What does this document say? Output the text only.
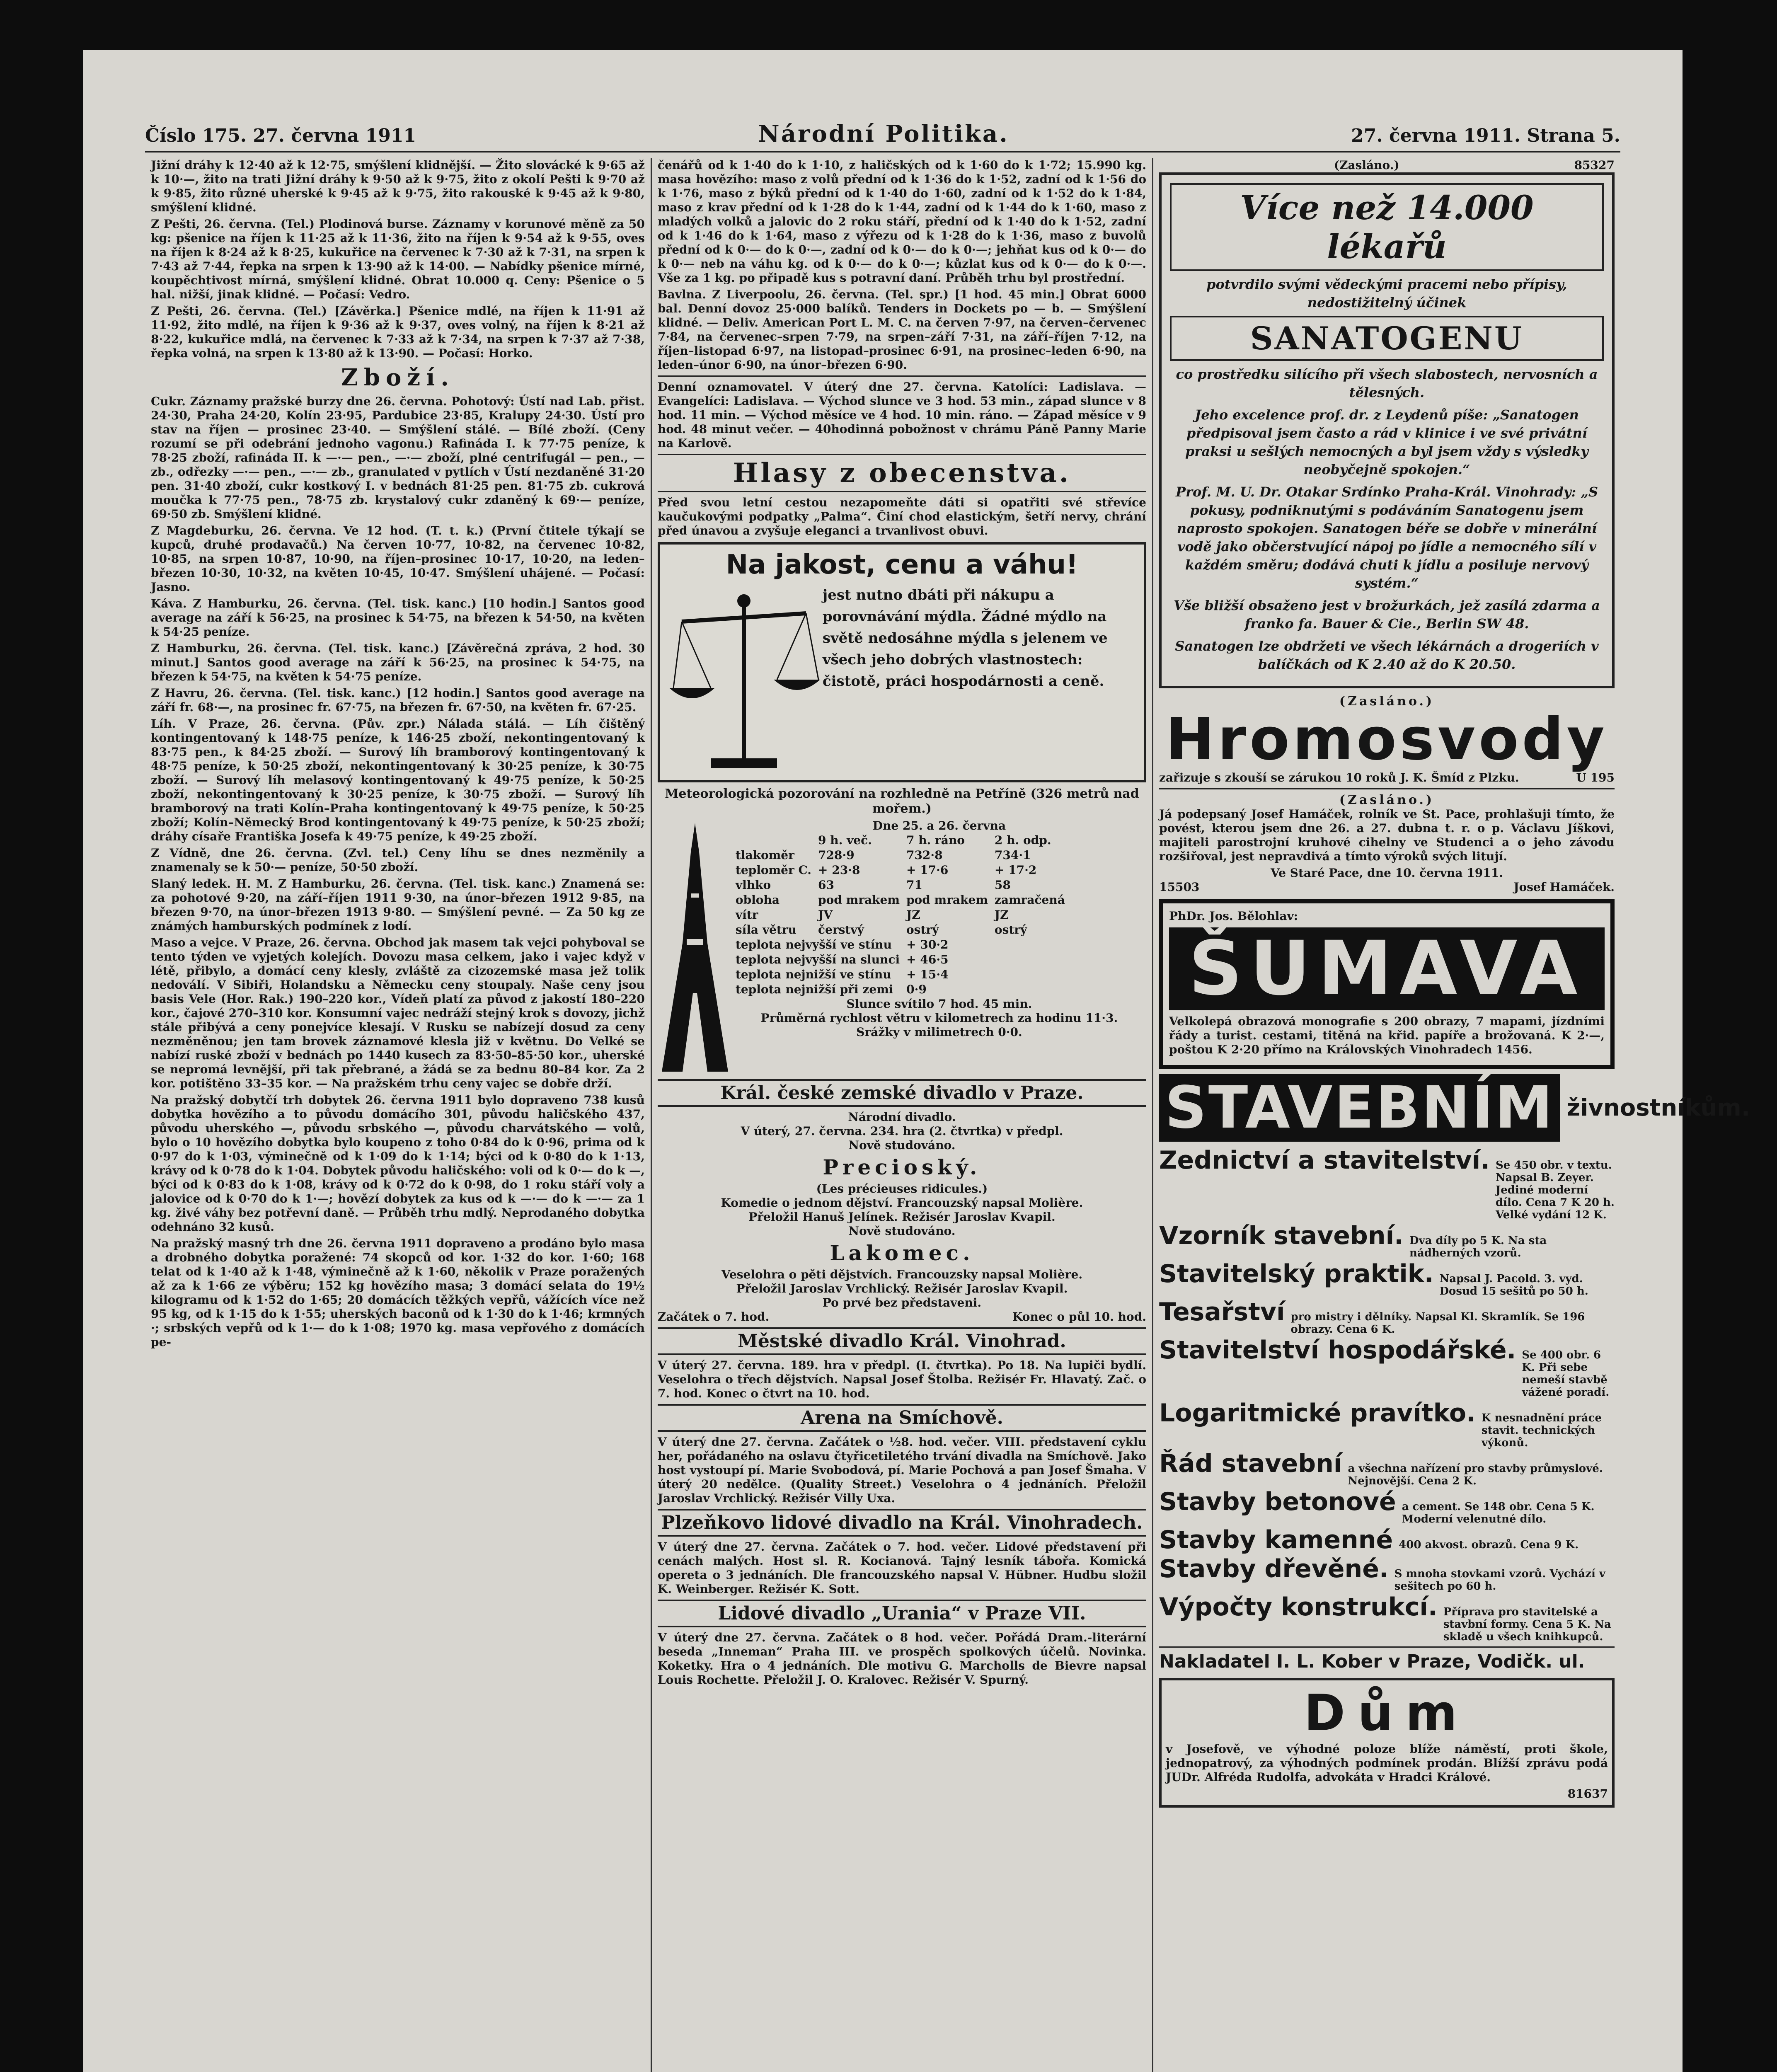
Číslo 175. 27. června 1911	Národní Politika.	27. června 1911. Strana 5.

Jižní dráhy k 12·40 až k 12·75, smýšlení klidnější. — Žito slovácké k 9·65 až k 10·—, žito na trati Jižní dráhy k 9·50 až k 9·75, žito z okolí Pešti k 9·70 až k 9·85, žito různé uherské k 9·45 až k 9·75, žito rakouské k 9·45 až k 9·80, smýšlení klidné.

Z Pešti, 26. června. (Tel.) Plodinová burse. Záznamy v korunové měně za 50 kg: pšenice na říjen k 11·25 až k 11·36, žito na říjen k 9·54 až k 9·55, oves na říjen k 8·24 až k 8·25, kukuřice na červenec k 7·30 až k 7·31, na srpen k 7·43 až 7·44, řepka na srpen k 13·90 až k 14·00. — Nabídky pšenice mírné, koupěchtivost mírná, smýšlení klidné. Obrat 10.000 q. Ceny: Pšenice o 5 hal. nižší, jinak klidné. — Počasí: Vedro.

Z Pešti, 26. června. (Tel.) [Závěrka.] Pšenice mdlé, na říjen k 11·91 až 11·92, žito mdlé, na říjen k 9·36 až k 9·37, oves volný, na říjen k 8·21 až 8·22, kukuřice mdlá, na červenec k 7·33 až k 7·34, na srpen k 7·37 až 7·38, řepka volná, na srpen k 13·80 až k 13·90. — Počasí: Horko.

Zboží.

Cukr. Záznamy pražské burzy dne 26. června. Pohotový: Ústí nad Lab. přist. 24·30, Praha 24·20, Kolín 23·95, Pardubice 23·85, Kralupy 24·30. Ústí pro stav na říjen — prosinec 23·40. — Smýšlení stálé. — Bílé zboží. (Ceny rozumí se při odebrání jednoho vagonu.) Rafináda I. k 77·75 peníze, k 78·25 zboží, rafináda II. k —·— pen., —·— zboží, plné centrifugál — pen., — zb., odřezky —·— pen., —·— zb., granulated v pytlích v Ústí nezdaněné 31·20 pen. 31·40 zboží, cukr kostkový I. v bednách 81·25 pen. 81·75 zb. cukrová moučka k 77·75 pen., 78·75 zb. krystalový cukr zdaněný k 69·— peníze, 69·50 zb. Smýšlení klidné.

Z Magdeburku, 26. června. Ve 12 hod. (T. t. k.) (První čtitele týkají se kupců, druhé prodavačů.) Na červen 10·77, 10·82, na červenec 10·82, 10·85, na srpen 10·87, 10·90, na říjen–prosinec 10·17, 10·20, na leden–březen 10·30, 10·32, na květen 10·45, 10·47. Smýšlení uhájené. — Počasí: Jasno.

Káva. Z Hamburku, 26. června. (Tel. tisk. kanc.) [10 hodin.] Santos good average na září k 56·25, na prosinec k 54·75, na březen k 54·50, na květen k 54·25 peníze.

Z Hamburku, 26. června. (Tel. tisk. kanc.) [Závěrečná zpráva, 2 hod. 30 minut.] Santos good average na září k 56·25, na prosinec k 54·75, na březen k 54·75, na květen k 54·75 peníze.

Z Havru, 26. června. (Tel. tisk. kanc.) [12 hodin.] Santos good average na září fr. 68·—, na prosinec fr. 67·75, na březen fr. 67·50, na květen fr. 67·25.

Líh. V Praze, 26. června. (Pův. zpr.) Nálada stálá. — Líh čištěný kontingentovaný k 148·75 peníze, k 146·25 zboží, nekontingentovaný k 83·75 pen., k 84·25 zboží. — Surový líh bramborový kontingentovaný k 48·75 peníze, k 50·25 zboží, nekontingentovaný k 30·25 peníze, k 30·75 zboží. — Surový líh melasový kontingentovaný k 49·75 peníze, k 50·25 zboží, nekontingentovaný k 30·25 peníze, k 30·75 zboží. — Surový líh bramborový na trati Kolín–Praha kontingentovaný k 49·75 peníze, k 50·25 zboží; Kolín–Německý Brod kontingentovaný k 49·75 peníze, k 50·25 zboží; dráhy císaře Františka Josefa k 49·75 peníze, k 49·25 zboží.

Z Vídně, dne 26. června. (Zvl. tel.) Ceny líhu se dnes nezměnily a znamenaly se k 50·— peníze, 50·50 zboží.

Slaný ledek. H. M. Z Hamburku, 26. června. (Tel. tisk. kanc.) Znamená se: za pohotové 9·20, na září–říjen 1911 9·30, na únor–březen 1912 9·85, na březen 9·70, na únor–březen 1913 9·80. — Smýšlení pevné. — Za 50 kg ze známých hamburských podmínek z lodí.

Maso a vejce. V Praze, 26. června. Obchod jak masem tak vejci pohyboval se tento týden ve vyjetých kolejích. Dovozu masa celkem, jako i vajec když v létě, přibylo, a domácí ceny klesly, zvláště za cizozemské masa jež tolik nedoválí. V Sibiři, Holandsku a Německu ceny stoupaly. Naše ceny jsou basis Vele (Hor. Rak.) 190–220 kor., Vídeň platí za původ z jakostí 180–220 kor., čajové 270–310 kor. Konsumní vajec nedráží stejný krok s dovozy, jichž stále přibývá a ceny ponejvíce klesají. V Rusku se nabízejí dosud za ceny nezměněnou; jen tam brovek záznamové klesla již v květnu. Do Velké se nabízí ruské zboží v bednách po 1440 kusech za 83·50–85·50 kor., uherské se nepromá levnější, při tak přebrané, a žádá se za bednu 80–84 kor. Za 2 kor. potištěno 33–35 kor. — Na pražském trhu ceny vajec se dobře drží.

Na pražský dobytčí trh dobytek 26. června 1911 bylo dopraveno 738 kusů dobytka hovězího a to původu domácího 301, původu haličského 437, původu uherského —, původu srbského —, původu charvátského — volů, bylo o 10 hovězího dobytka bylo koupeno z toho 0·84 do k 0·96, prima od k 0·97 do k 1·03, výminečně od k 1·09 do k 1·14; býci od k 0·80 do k 1·13, krávy od k 0·78 do k 1·04. Dobytek původu haličského: voli od k 0·— do k —, býci od k 0·83 do k 1·08, krávy od k 0·72 do k 0·98, do 1 roku stáří voly a jalovice od k 0·70 do k 1·—; hovězí dobytek za kus od k —·— do k —·— za 1 kg. živé váhy bez potřevní daně. — Průběh trhu mdlý. Neprodaného dobytka odehnáno 32 kusů.

Na pražský masný trh dne 26. června 1911 dopraveno a prodáno bylo masa a drobného dobytka poražené: 74 skopců od kor. 1·32 do kor. 1·60; 168 telat od k 1·40 až k 1·48, výminečně až k 1·60, několik v Praze poražených až za k 1·66 ze výběru; 152 kg hovězího masa; 3 domácí selata do 19½ kilogramu od k 1·52 do 1·65; 20 domácích těžkých vepřů, vážících více než 95 kg, od k 1·15 do k 1·55; uherských baconů od k 1·30 do k 1·46; krmných ·; srbských vepřů od k 1·— do k 1·08; 1970 kg. masa vepřového z domácích pe-

čenářů od k 1·40 do k 1·10, z haličských od k 1·60 do k 1·72; 15.990 kg. masa hovězího: maso z volů přední od k 1·36 do k 1·52, zadní od k 1·56 do k 1·76, maso z býků přední od k 1·40 do 1·60, zadní od k 1·52 do k 1·84, maso z krav přední od k 1·28 do k 1·44, zadní od k 1·44 do k 1·60, maso z mladých volků a jalovic do 2 roku stáří, přední od k 1·40 do k 1·52, zadní od k 1·46 do k 1·64, maso z výřezu od k 1·28 do k 1·36, maso z buvolů přední od k 0·— do k 0·—, zadní od k 0·— do k 0·—; jehňat kus od k 0·— do k 0·— neb na váhu kg. od k 0·— do k 0·—; kůzlat kus od k 0·— do k 0·—. Vše za 1 kg. po připadě kus s potravní daní. Průběh trhu byl prostřední.

Bavlna. Z Liverpoolu, 26. června. (Tel. spr.) [1 hod. 45 min.] Obrat 6000 bal. Denní dovoz 25·000 balíků. Tenders in Dockets po — b. — Smýšlení klidné. — Deliv. American Port L. M. C. na červen 7·97, na červen–červenec 7·84, na červenec–srpen 7·79, na srpen–září 7·31, na září–říjen 7·12, na říjen–listopad 6·97, na listopad–prosinec 6·91, na prosinec–leden 6·90, na leden–únor 6·90, na únor–březen 6·90.

Denní oznamovatel. V úterý dne 27. června. Katolíci: Ladislava. — Evangelíci: Ladislava. — Východ slunce ve 3 hod. 53 min., západ slunce v 8 hod. 11 min. — Východ měsíce ve 4 hod. 10 min. ráno. — Západ měsíce v 9 hod. 48 minut večer. — 40hodinná pobožnost v chrámu Páně Panny Marie na Karlově.

Hlasy z obecenstva.

Před svou letní cestou nezapomeňte dáti si opatřiti své střevíce kaučukovými podpatky „Palma“. Činí chod elastickým, šetří nervy, chrání před únavou a zvyšuje eleganci a trvanlivost obuvi.

Na jakost, cenu a váhu!
jest nutno dbáti při nákupu a porovnávání mýdla. Žádné mýdlo na světě nedosáhne mýdla s jelenem ve všech jeho dobrých vlastnostech: čistotě, práci hospodárnosti a ceně.
Meteorologická pozorování na rozhledně na Petříně (326 metrů nad mořem.)
Dne 25. a 26. června
	9 h. več.	7 h. ráno	2 h. odp.
tlakoměr	728·9	732·8	734·1
teploměr C.	+ 23·8	+ 17·6	+ 17·2
vlhko	63	71	58
obloha	pod mrakem	pod mrakem	zamračená
vítr	JV	JZ	JZ
síla větru	čerstvý	ostrý	ostrý
teplota nejvyšší ve stínu	+ 30·2
teplota nejvyšší na slunci	+ 46·5
teplota nejnižší ve stínu	+ 15·4
teplota nejnižší při zemi	0·9
Slunce svítilo 7 hod. 45 min.
Průměrná rychlost větru v kilometrech za hodinu 11·3.
Srážky v milimetrech 0·0.
Král. české zemské divadlo v Praze.
Národní divadlo.
V úterý, 27. června. 234. hra (2. čtvrtka) v předpl.
Nově studováno.
Precioský.
(Les précieuses ridicules.)
Komedie o jednom dějství. Francouzský napsal Molière.
Přeložil Hanuš Jelínek. Režisér Jaroslav Kvapil.
Nově studováno.
Lakomec.
Veselohra o pěti dějstvích. Francouzsky napsal Molière.
Přeložil Jaroslav Vrchlický. Režisér Jaroslav Kvapil.
Po prvé bez představeni.
Začátek o 7. hod.	Konec o půl 10. hod.
Městské divadlo Král. Vinohrad.

V úterý 27. června. 189. hra v předpl. (I. čtvrtka). Po 18. Na lupiči bydlí. Veselohra o třech dějstvích. Napsal Josef Štolba. Režisér Fr. Hlavatý. Zač. o 7. hod. Konec o čtvrt na 10. hod.

Arena na Smíchově.

V úterý dne 27. června. Začátek o ½8. hod. večer. VIII. představení cyklu her, pořádaného na oslavu čtyřicetiletého trvání divadla na Smíchově. Jako host vystoupí pí. Marie Svobodová, pí. Marie Pochová a pan Josef Šmaha. V úterý 20 nedělce. (Quality Street.) Veselohra o 4 jednáních. Přeložil Jaroslav Vrchlický. Režisér Villy Uxa.

Plzeňkovo lidové divadlo na Král. Vinohradech.

V úterý dne 27. června. Začátek o 7. hod. večer. Lidové představení při cenách malých. Host sl. R. Kocianová. Tajný lesník tábořa. Komická opereta o 3 jednáních. Dle francouzského napsal V. Hübner. Hudbu složil K. Weinberger. Režisér K. Sott.

Lidové divadlo „Urania“ v Praze VII.

V úterý dne 27. června. Začátek o 8 hod. večer. Pořádá Dram.-literární beseda „Inneman“ Praha III. ve prospěch spolkových účelů. Novinka. Koketky. Hra o 4 jednáních. Dle motivu G. Marcholls de Bievre napsal Louis Rochette. Přeložil J. O. Kralovec. Režisér V. Spurný.

(Zasláno.)	85327
Více než 14.000 lékařů

potvrdilo svými vědeckými pracemi nebo přípisy, nedostižitelný účinek

SANATOGENU

co prostředku silícího při všech slabostech, nervosních a tělesných.

Jeho excelence prof. dr. z Leydenů píše: „Sanatogen předpisoval jsem často a rád v klinice i ve své privátní praksi u sešlých nemocných a byl jsem vždy s výsledky neobyčejně spokojen.“

Prof. M. U. Dr. Otakar Srdínko Praha-Král. Vinohrady: „S pokusy, podniknutými s podáváním Sanatogenu jsem naprosto spokojen. Sanatogen béře se dobře v minerální vodě jako občerstvující nápoj po jídle a nemocného sílí v každém směru; dodává chuti k jídlu a posiluje nervový systém.“

Vše bližší obsaženo jest v brožurkách, jež zasílá zdarma a franko fa. Bauer & Cie., Berlin SW 48.

Sanatogen lze obdržeti ve všech lékárnách a drogeriích v balíčkách od K 2.40 až do K 20.50.

(Zasláno.)
Hromosvody
zařizuje s zkouší se zárukou 10 roků J. K. Šmíd z Plzku.	U 195
(Zasláno.)

Já podepsaný Josef Hamáček, rolník ve St. Pace, prohlašuji tímto, že povést, kterou jsem dne 26. a 27. dubna t. r. o p. Václavu Jíškovi, majiteli parostrojní kruhové cihelny ve Studenci a o jeho závodu rozšiřoval, jest nepravdivá a tímto výroků svých litují.

Ve Staré Pace, dne 10. června 1911.
15503	Josef Hamáček.
PhDr. Jos. Bělohlav:
ŠUMAVA

Velkolepá obrazová monografie s 200 obrazy, 7 mapami, jízdními řády a turist. cestami, titěná na křid. papíře a brožovaná. K 2·—, poštou K 2·20 přímo na Královských Vinohradech 1456.

STAVEBNÍM živnostníkům.
Zednictví a stavitelství. Se 450 obr. v textu. Napsal B. Zeyer. Jediné moderní dílo. Cena 7 K 20 h. Velké vydání 12 K.
Vzorník stavební. Dva díly po 5 K. Na sta nádherných vzorů.
Stavitelský praktik. Napsal J. Pacold. 3. vyd. Dosud 15 sešitů po 50 h.
Tesařství pro mistry i dělníky. Napsal Kl. Skramlík. Se 196 obrazy. Cena 6 K.
Stavitelství hospodářské. Se 400 obr. 6 K. Při sebe nemeší stavbě vážené poradí.
Logaritmické pravítko. K nesnadnění práce stavit. technických výkonů.
Řád stavební a všechna nařízení pro stavby průmyslové. Nejnovější. Cena 2 K.
Stavby betonové a cement. Se 148 obr. Cena 5 K. Moderní velenutné dílo.
Stavby kamenné 400 akvost. obrazů. Cena 9 K.
Stavby dřevěné. S mnoha stovkami vzorů. Vychází v sešitech po 60 h.
Výpočty konstrukcí. Příprava pro stavitelské a stavbní formy. Cena 5 K. Na skladě u všech knihkupců.
Nakladatel I. L. Kober v Praze, Vodičk. ul.
Dům

v Josefově, ve výhodné poloze blíže náměstí, proti škole, jednopatrový, za výhodných podmínek prodán. Blížší zprávu podá JUDr. Alfréda Rudolfa, advokáta v Hradci Králové.

81637
